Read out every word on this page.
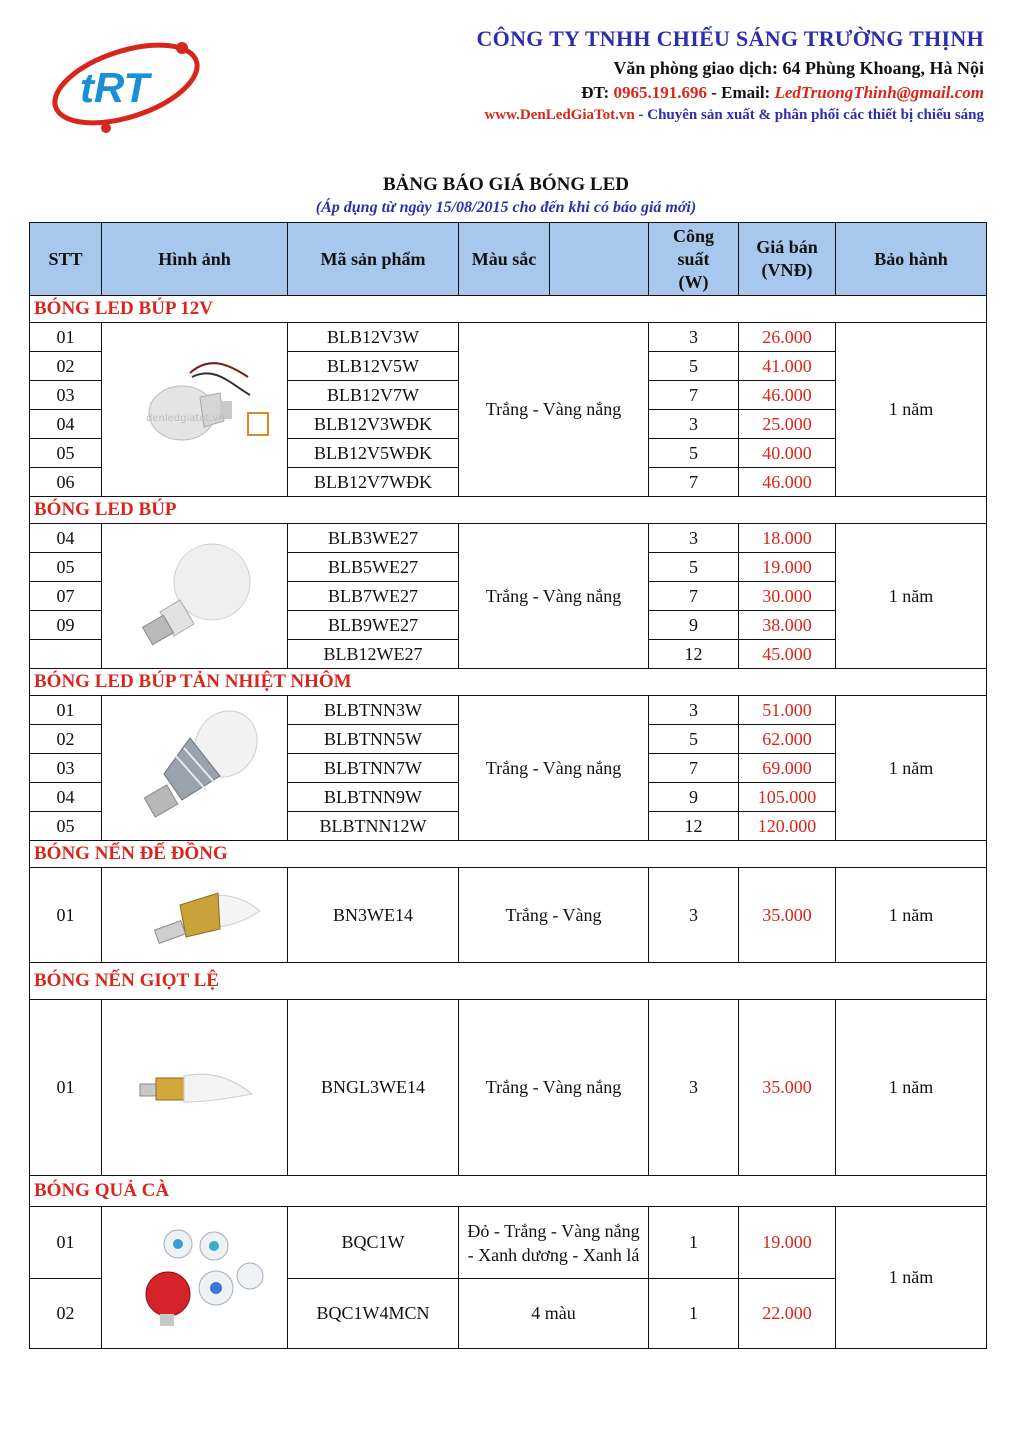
tRT
CÔNG TY TNHH CHIẾU SÁNG TRƯỜNG THỊNH
Văn phòng giao dịch: 64 Phùng Khoang, Hà Nội
ĐT: 0965.191.696 - Email: LedTruongThinh@gmail.com
www.DenLedGiaTot.vn - Chuyên sản xuất & phân phối các thiết bị chiếu sáng
BẢNG BÁO GIÁ BÓNG LED
(Áp dụng từ ngày 15/08/2015 cho đến khi có báo giá mới)
STT	Hình ảnh	Mã sản phẩm	Màu sắc		Công
suất
(W)	Giá bán
(VNĐ)	Bảo hành
BÓNG LED BÚP 12V							
01	denledgiatot.vn	BLB12V3W	Trắng - Vàng nắng		3	26.000	1 năm
02		BLB12V5W			5	41.000	
03		BLB12V7W			7	46.000	
04		BLB12V3WĐK			3	25.000	
05		BLB12V5WĐK			5	40.000	
06		BLB12V7WĐK			7	46.000	
BÓNG LED BÚP							
04		BLB3WE27	Trắng - Vàng nắng		3	18.000	1 năm
05		BLB5WE27			5	19.000	
07		BLB7WE27			7	30.000	
09		BLB9WE27			9	38.000	
		BLB12WE27			12	45.000	
BÓNG LED BÚP TẢN NHIỆT NHÔM							
01		BLBTNN3W	Trắng - Vàng nắng		3	51.000	1 năm
02		BLBTNN5W			5	62.000	
03		BLBTNN7W			7	69.000	
04		BLBTNN9W			9	105.000	
05		BLBTNN12W			12	120.000	
BÓNG NẾN ĐẾ ĐỒNG							
01		BN3WE14	Trắng - Vàng		3	35.000	1 năm
BÓNG NẾN GIỌT LỆ							
01		BNGL3WE14	Trắng - Vàng nắng		3	35.000	1 năm
BÓNG QUẢ CÀ							
01		BQC1W	Đỏ - Trắng - Vàng nắng - Xanh dương - Xanh lá		1	19.000	1 năm
02		BQC1W4MCN	4 màu		1	22.000	
